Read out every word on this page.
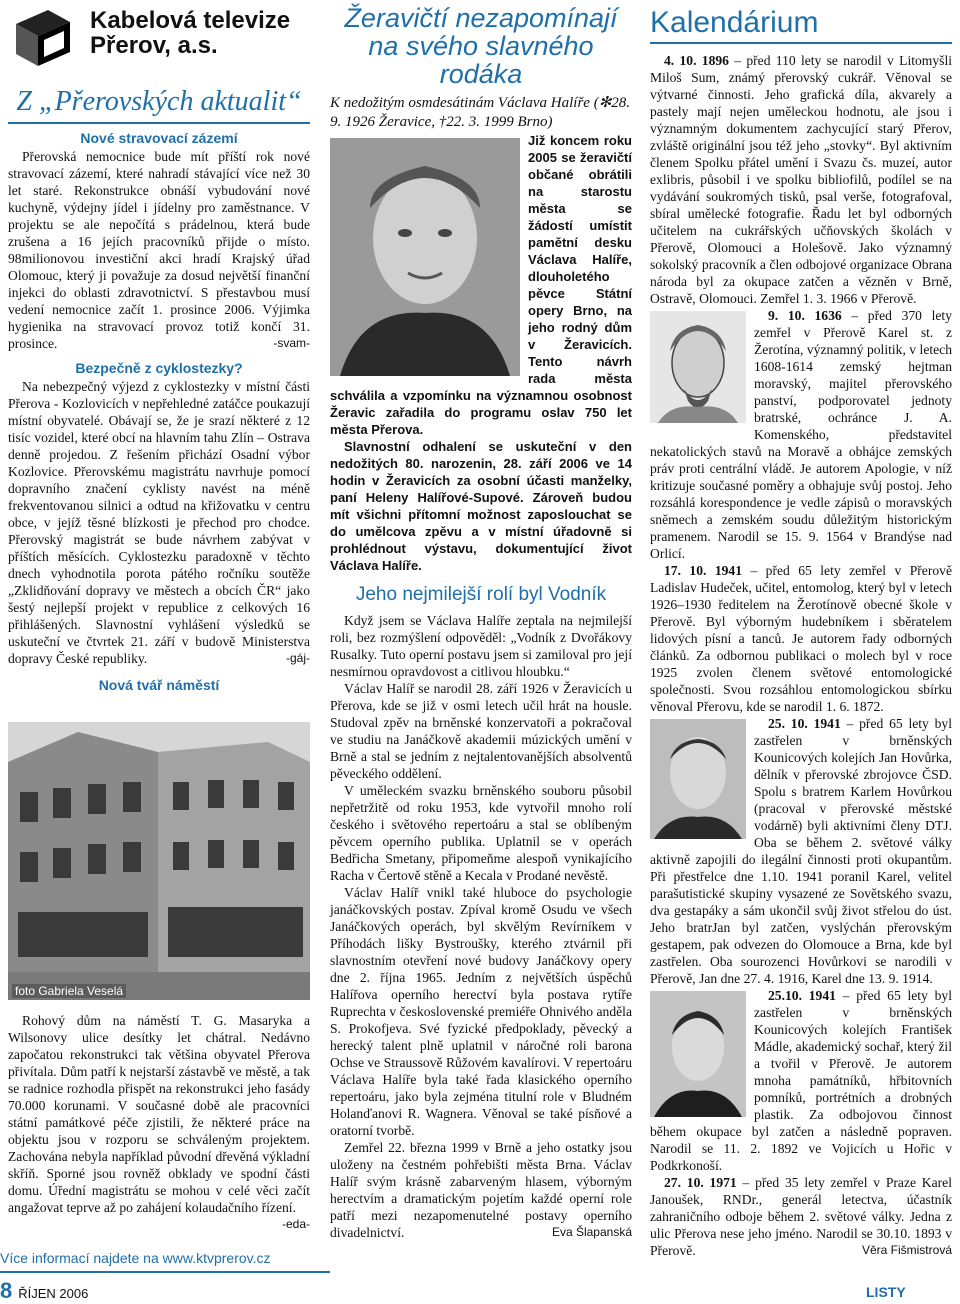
Kabelová televize
Přerov, a.s.
Z „Přerovských aktualit“
Nové stravovací zázemí

Přerovská nemocnice bude mít příští rok nové stravovací zázemí, které nahradí stávající více než 30 let staré. Rekonstrukce obnáší vybudování nové kuchyně, výdejny jídel i jídelny pro zaměstnance. V projektu se ale nepočítá s prádelnou, která bude zrušena a 16 jejích pracovníků přijde o místo. 98milionovou investiční akci hradí Krajský úřad Olomouc, který ji považuje za dosud největší finanční injekci do oblasti zdravotnictví. S přestavbou musí vedení nemocnice začít 1. prosince 2006. Výjimka hygienika na stravovací provoz totiž končí 31. prosince.	-svam-

Bezpečně z cyklostezky?

Na nebezpečný výjezd z cyklostezky v místní části Přerova - Kozlovicích v nepřehledné zatáčce poukazují místní obyvatelé. Obávají se, že je srazí některé z 12 tisíc vozidel, které obcí na hlavním tahu Zlín – Ostrava denně projedou. Z řešením přichází Osadní výbor Kozlovice. Přerovskému magistrátu navrhuje pomocí dopravního značení cyklisty navést na méně frekventovanou silnici a odtud na křižovatku v centru obce, v jejíž těsné blízkosti je přechod pro chodce. Přerovský magistrát se bude návrhem zabývat v příštích měsících. Cyklostezku paradoxně v těchto dnech vyhodnotila porota pátého ročníku soutěže „Zklidňování dopravy ve městech a obcích ČR“ jako šestý nejlepší projekt v republice z celkových 16 přihlášených. Slavnostní vyhlášení výsledků se uskuteční ve čtvrtek 21. září v budově Ministerstva dopravy České republiky.	-gáj-

Nová tvář náměstí
foto Gabriela Veselá

Rohový dům na náměstí T. G. Masaryka a Wilsonovy ulice desítky let chátral. Nedávno započatou rekonstrukci tak většina obyvatel Přerova přivítala. Dům patří k nejstarší zástavbě ve městě, a tak se radnice rozhodla přispět na rekonstrukci jeho fasády 70.000 korunami. V současné době ale pracovníci státní památkové péče zjistili, že některé práce na objektu jsou v rozporu se schváleným projektem. Zachována nebyla například původní dřevěná výkladní skříň. Sporné jsou rovněž obklady ve spodní části domu. Úřední magistrátu se mohou v celé věci začít angažovat teprve až po zahájení kolaudačního řízení.
-eda-

Více informací najdete na www.ktvprerov.cz
8 ŘÍJEN 2006
Žeravičtí nezapomínají na svého slavného rodáka
K nedožitým osmdesátinám Václava Halíře (✻28. 9. 1926 Žeravice, †22. 3. 1999 Brno)

Již koncem roku 2005 se žeravičtí občané obrátili na starostu města se žádostí umístit pamětní desku Václava Halíře, dlouholetého pěvce Státní opery Brno, na jeho rodný dům v Žeravicích. Tento návrh rada města schválila a vzpomínku na významnou osobnost Žeravic zařadila do programu oslav 750 let města Přerova.

Slavnostní odhalení se uskuteční v den nedožitých 80. narozenin, 28. září 2006 ve 14 hodin v Žeravicích za osobní účasti manželky, paní Heleny Halířové-Supové. Zároveň budou mít všichni přítomní možnost zaposlouchat se do umělcova zpěvu a v místní úřadovně si prohlédnout výstavu, dokumentující život Václava Halíře.

Jeho nejmilejší rolí byl Vodník

Když jsem se Václava Halíře zeptala na nejmilejší roli, bez rozmýšlení odpověděl: „Vodník z Dvořákovy Rusalky. Tuto operní postavu jsem si zamiloval pro její nesmírnou opravdovost a citlivou hloubku.“

Václav Halíř se narodil 28. září 1926 v Žeravicích u Přerova, kde se již v osmi letech učil hrát na housle. Studoval zpěv na brněnské konzervatoři a pokračoval ve studiu na Janáčkově akademii múzických umění v Brně a stal se jedním z nejtalentovanějších absolventů pěveckého oddělení.

V uměleckém svazku brněnského souboru působil nepřetržitě od roku 1953, kde vytvořil mnoho rolí českého i světového repertoáru a stal se oblíbeným pěvcem operního publika. Uplatnil se v operách Bedřicha Smetany, připomeňme alespoň vynikajícího Racha v Čertově stěně a Kecala v Prodané nevěstě.

Václav Halíř vnikl také hluboce do psychologie janáčkovských postav. Zpíval kromě Osudu ve všech Janáčkových operách, byl skvělým Revírníkem v Příhodách lišky Bystroušky, kterého ztvárnil při slavnostním otevření nové budovy Janáčkovy opery dne 2. října 1965. Jedním z největších úspěchů Halířova operního herectví byla postava rytíře Ruprechta v československé premiéře Ohnivého anděla S. Prokofjeva. Své fyzické předpoklady, pěvecký a herecký talent plně uplatnil v náročné roli barona Ochse ve Straussově Růžovém kavalírovi. V repertoáru Václava Halíře byla také řada klasického operního repertoáru, jako byla zejména titulní role v Bludném Holanďanovi R. Wagnera. Věnoval se také písňové a oratorní tvorbě.

Zemřel 22. března 1999 v Brně a jeho ostatky jsou uloženy na čestném pohřebišti města Brna. Václav Halíř svým krásně zabarveným hlasem, výborným herectvím a dramatickým pojetím každé operní role patří mezi nezapomenutelné postavy operního divadelnictví.	Eva Šlapanská

Kalendárium

4. 10. 1896 – před 110 lety se narodil v Litomyšli Miloš Sum, známý přerovský cukrář. Věnoval se výtvarné činnosti. Jeho grafická díla, akvarely a pastely mají nejen uměleckou hodnotu, ale jsou i významným dokumentem zachycující starý Přerov, zvláště originální jsou též jeho „stovky“. Byl aktivním členem Spolku přátel umění i Svazu čs. muzeí, autor exlibris, působil i ve spolku bibliofilů, podílel se na vydávání soukromých tisků, psal verše, fotografoval, sbíral umělecké fotografie. Řadu let byl odborných učitelem na cukrářských učňovských školách v Přerově, Olomouci a Holešově. Jako významný sokolský pracovník a člen odbojové organizace Obrana národa byl za okupace zatčen a vězněn v Brně, Ostravě, Olomouci. Zemřel 1. 3. 1966 v Přerově.

9. 10. 1636 – před 370 lety zemřel v Přerově Karel st. z Žerotína, významný politik, v letech 1608-1614 zemský hejtman moravský, majitel přerovského panství, podporovatel jednoty bratrské, ochránce J. A. Komenského, představitel nekatolických stavů na Moravě a obhájce zemských práv proti centrální vládě. Je autorem Apologie, v níž kritizuje současné poměry a obhajuje svůj postoj. Jeho rozsáhlá korespondence je vedle zápisů o moravských sněmech a zemském soudu důležitým historickým pramenem. Narodil se 15. 9. 1564 v Brandýse nad Orlicí.

17. 10. 1941 – před 65 lety zemřel v Přerově Ladislav Hudeček, učitel, entomolog, který byl v letech 1926–1930 ředitelem na Žerotínově obecné škole v Přerově. Byl výborným hudebníkem i sběratelem lidových písní a tanců. Je autorem řady odborných článků. Za odbornou publikaci o molech byl v roce 1925 zvolen členem světové entomologické společnosti. Svou rozsáhlou entomologickou sbírku věnoval Přerovu, kde se narodil 1. 6. 1872.

25. 10. 1941 – před 65 lety byl zastřelen v brněnských Kounicových kolejích Jan Hovůrka, dělník v přerovské zbrojovce ČSD. Spolu s bratrem Karlem Hovůrkou (pracoval v přerovské městské vodárně) byli aktivními členy DTJ. Oba se během 2. světové války aktivně zapojili do ilegální činnosti proti okupantům. Při přestřelce dne 1.10. 1941 poranil Karel, velitel parašutistické skupiny vysazené ze Sovětského svazu, dva gestapáky a sám ukončil svůj život střelou do úst. Jeho bratrJan byl zatčen, vyslýchán přerovským gestapem, pak odvezen do Olomouce a Brna, kde byl zastřelen. Oba sourozenci Hovůrkovi se narodili v Přerově, Jan dne 27. 4. 1916, Karel dne 13. 9. 1914.

25.10. 1941 – před 65 lety byl zastřelen v brněnských Kounicových kolejích František Mádle, akademický sochař, který žil a tvořil v Přerově. Je autorem mnoha památníků, hřbitovních pomníků, portrétních a drobných plastik. Za odbojovou činnost během okupace byl zatčen a následně popraven. Narodil se 11. 2. 1892 ve Vojicích u Hořic v Podkrkonoší.

27. 10. 1971 – před 35 lety zemřel v Praze Karel Janoušek, RNDr., generál letectva, účastník zahraničního odboje během 2. světové války. Jedna z ulic Přerova nese jeho jméno. Narodil se 30.10. 1893 v Přerově.	Věra Fišmistrová

LISTY
